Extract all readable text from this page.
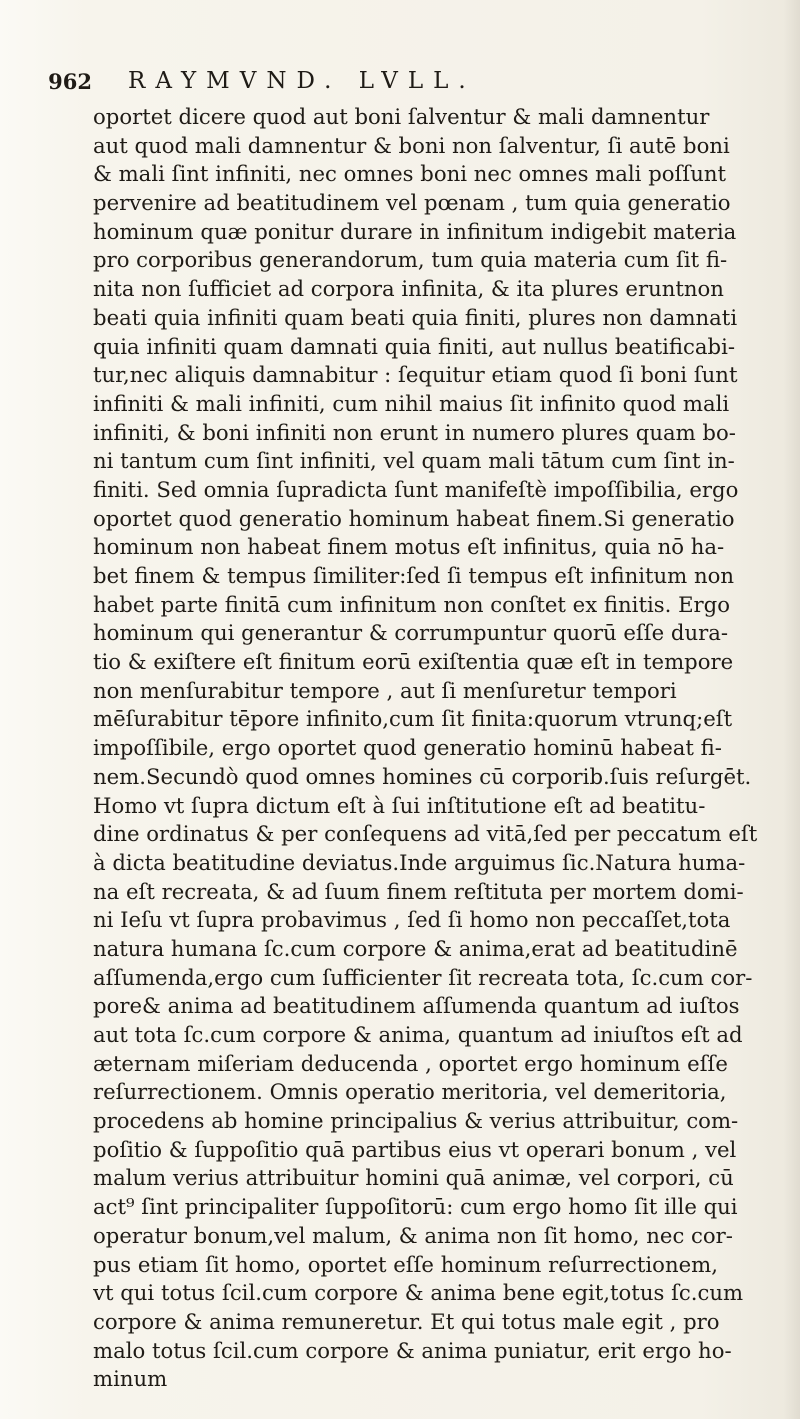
962 RAYMVND. LVLL.
oportet dicere quod aut boni ſalventur & mali damnentur
aut quod mali damnentur & boni non ſalventur, ſi autē boni
& mali ſint infiniti, nec omnes boni nec omnes mali poſſunt
pervenire ad beatitudinem vel pœnam , tum quia generatio
hominum quæ ponitur durare in infinitum indigebit materia
pro corporibus generandorum, tum quia materia cum ſit fi-
nita non ſufficiet ad corpora infinita, & ita plures eruntnon
beati quia infiniti quam beati quia finiti, plures non damnati
quia infiniti quam damnati quia finiti, aut nullus beatificabi-
tur,nec aliquis damnabitur : ſequitur etiam quod ſi boni ſunt
infiniti & mali infiniti, cum nihil maius ſit infinito quod mali
infiniti, & boni infiniti non erunt in numero plures quam bo-
ni tantum cum ſint infiniti, vel quam mali tātum cum ſint in-
finiti. Sed omnia ſupradicta ſunt manifeſtè impoſſibilia, ergo
oportet quod generatio hominum habeat finem.Si generatio
hominum non habeat finem motus eſt infinitus, quia nō ha-
bet finem & tempus ſimiliter:ſed ſi tempus eſt infinitum non
habet parte finitā cum infinitum non conſtet ex finitis. Ergo
hominum qui generantur & corrumpuntur quorū eſſe dura-
tio & exiſtere eſt finitum eorū exiſtentia quæ eſt in tempore
non menſurabitur tempore , aut ſi menſuretur tempori
mēſurabitur tēpore infinito,cum ſit finita:quorum vtrunq;eſt
impoſſibile, ergo oportet quod generatio hominū habeat fi-
nem.Secundò quod omnes homines cū corporib.ſuis reſurgēt.
Homo vt ſupra dictum eſt à ſui inſtitutione eſt ad beatitu-
dine ordinatus & per conſequens ad vitā,ſed per peccatum eſt
à dicta beatitudine deviatus.Inde arguimus ſic.Natura huma-
na eſt recreata, & ad ſuum finem reſtituta per mortem domi-
ni Ieſu vt ſupra probavimus , ſed ſi homo non peccaſſet,tota
natura humana ſc.cum corpore & anima,erat ad beatitudinē
aſſumenda,ergo cum ſufficienter ſit recreata tota, ſc.cum cor-
pore& anima ad beatitudinem aſſumenda quantum ad iuſtos
aut tota ſc.cum corpore & anima, quantum ad iniuſtos eſt ad
æternam miſeriam deducenda , oportet ergo hominum eſſe
reſurrectionem. Omnis operatio meritoria, vel demeritoria,
procedens ab homine principalius & verius attribuitur, com-
poſitio & ſuppoſitio quā partibus eius vt operari bonum , vel
malum verius attribuitur homini quā animæ, vel corpori, cū
act⁹ ſint principaliter ſuppoſitorū: cum ergo homo ſit ille qui
operatur bonum,vel malum, & anima non ſit homo, nec cor-
pus etiam ſit homo, oportet eſſe hominum reſurrectionem,
vt qui totus ſcil.cum corpore & anima bene egit,totus ſc.cum
corpore & anima remuneretur. Et qui totus male egit , pro
malo totus ſcil.cum corpore & anima puniatur, erit ergo ho-
minum
